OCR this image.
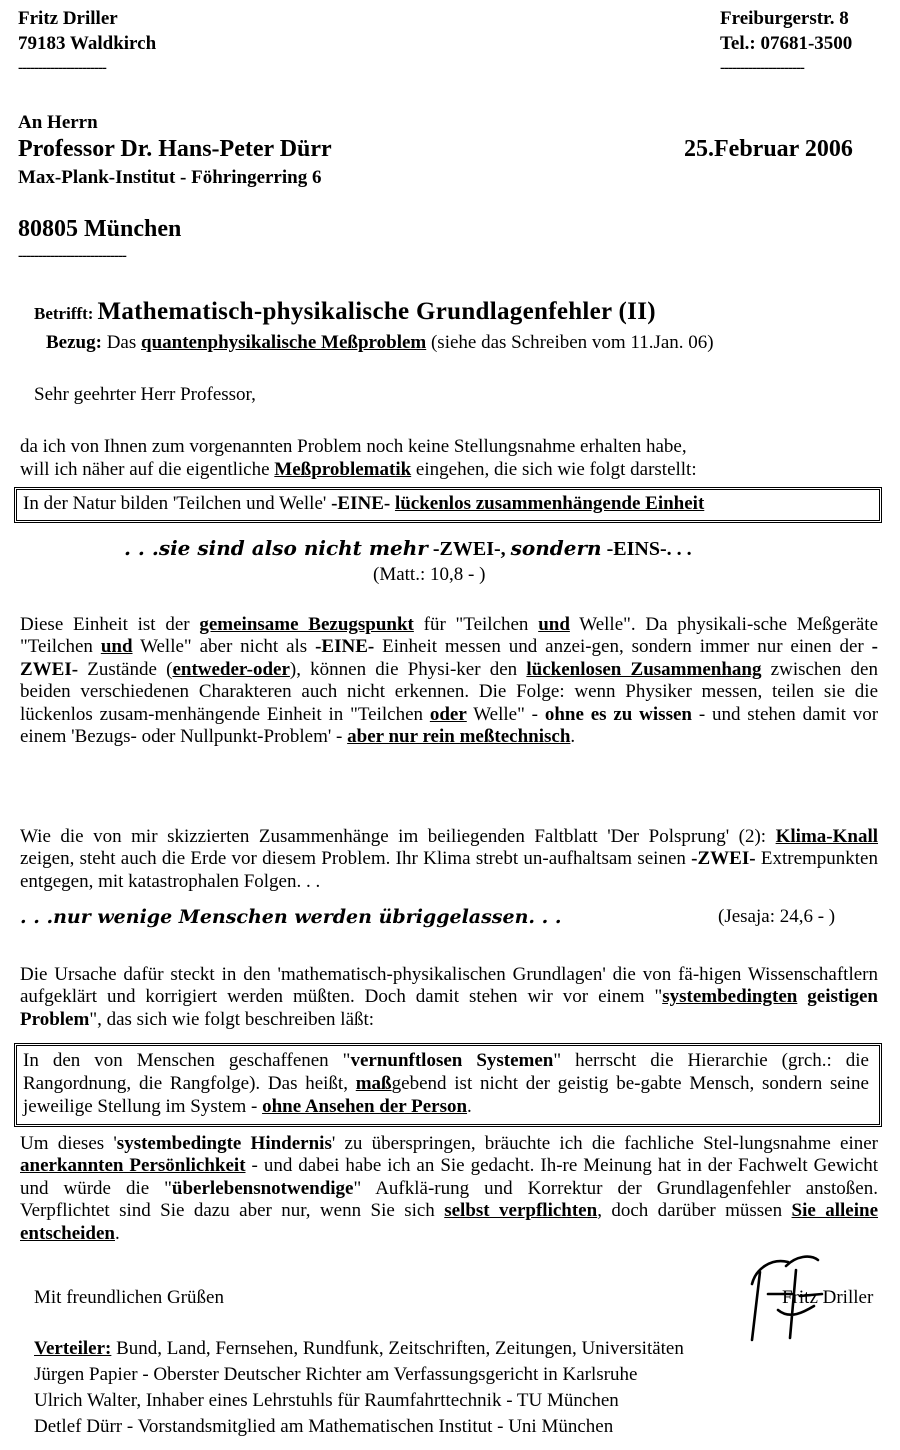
Fritz Driller
79183 Waldkirch
----------------------
Freiburgerstr. 8
Tel.: 07681-3500
---------------------
An Herrn
Professor Dr. Hans-Peter Dürr
Max-Plank-Institut - Föhringerring 6
80805 München
---------------------------
25.Februar 2006
Betrifft: Mathematisch-physikalische Grundlagenfehler (II)
Bezug: Das quantenphysikalische Meßproblem (siehe das Schreiben vom 11.Jan. 06)
Sehr geehrter Herr Professor,
da ich von Ihnen zum vorgenannten Problem noch keine Stellungsnahme erhalten habe,
will ich näher auf die eigentliche Meßproblematik eingehen, die sich wie folgt darstellt:
In der Natur bilden 'Teilchen und Welle' -EINE- lückenlos zusammenhängende Einheit
. . .sie sind also nicht mehr -ZWEI-, sondern -EINS-. . .
(Matt.: 10,8 - )
Diese Einheit ist der gemeinsame Bezugspunkt für "Teilchen und Welle". Da physikali-sche Meßgeräte "Teilchen und Welle" aber nicht als -EINE- Einheit messen und anzei-gen, sondern immer nur einen der -ZWEI- Zustände (entweder-oder), können die Physi-ker den lückenlosen Zusammenhang zwischen den beiden verschiedenen Charakteren auch nicht erkennen. Die Folge: wenn Physiker messen, teilen sie die lückenlos zusam-menhängende Einheit in "Teilchen oder Welle" - ohne es zu wissen - und stehen damit vor einem 'Bezugs- oder Nullpunkt-Problem' - aber nur rein meßtechnisch.
Wie die von mir skizzierten Zusammenhänge im beiliegenden Faltblatt 'Der Polsprung' (2): Klima-Knall zeigen, steht auch die Erde vor diesem Problem. Ihr Klima strebt un-aufhaltsam seinen -ZWEI- Extrempunkten entgegen, mit katastrophalen Folgen. . .
. . .nur wenige Menschen werden übriggelassen. . .	(Jesaja: 24,6 - )
Die Ursache dafür steckt in den 'mathematisch-physikalischen Grundlagen' die von fä-higen Wissenschaftlern aufgeklärt und korrigiert werden müßten. Doch damit stehen wir vor einem "systembedingten geistigen Problem", das sich wie folgt beschreiben läßt:
In den von Menschen geschaffenen "vernunftlosen Systemen" herrscht die Hierarchie (grch.: die Rangordnung, die Rangfolge). Das heißt, maßgebend ist nicht der geistig be-gabte Mensch, sondern seine jeweilige Stellung im System - ohne Ansehen der Person.
Um dieses 'systembedingte Hindernis' zu überspringen, bräuchte ich die fachliche Stel-lungsnahme einer anerkannten Persönlichkeit - und dabei habe ich an Sie gedacht. Ih-re Meinung hat in der Fachwelt Gewicht und würde die "überlebensnotwendige" Aufklä-rung und Korrektur der Grundlagenfehler anstoßen. Verpflichtet sind Sie dazu aber nur, wenn Sie sich selbst verpflichten, doch darüber müssen Sie alleine entscheiden.
Mit freundlichen Grüßen	Fritz Driller
Verteiler: Bund, Land, Fernsehen, Rundfunk, Zeitschriften, Zeitungen, Universitäten
Jürgen Papier - Oberster Deutscher Richter am Verfassungsgericht in Karlsruhe
Ulrich Walter, Inhaber eines Lehrstuhls für Raumfahrttechnik - TU München
Detlef Dürr - Vorstandsmitglied am Mathematischen Institut - Uni München
